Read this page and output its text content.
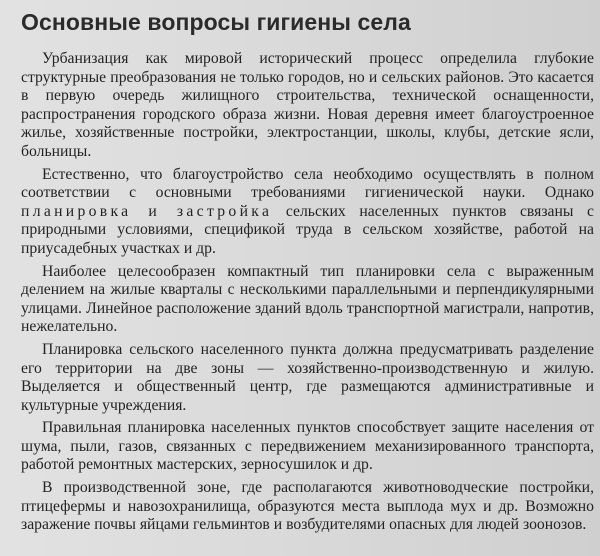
Основные вопросы гигиены села

Урбанизация как мировой исторический процесс определила глубокие структурные преобразования не только городов, но и сельских районов. Это касается в первую очередь жилищного строительства, технической оснащенности, распространения городского образа жизни. Новая деревня имеет благоустроенное жилье, хозяйственные постройки, электростанции, школы, клубы, детские ясли, больницы.

Естественно, что благоустройство села необходимо осуществлять в полном соответствии с основными требованиями гигиенической науки. Однако планировка и застройка сельских населенных пунктов связаны с природными условиями, спецификой труда в сельском хозяйстве, работой на приусадебных участках и др.

Наиболее целесообразен компактный тип планировки села с выраженным делением на жилые кварталы с несколькими параллельными и перпендикулярными улицами. Линейное расположение зданий вдоль транспортной магистрали, напротив, нежелательно.

Планировка сельского населенного пункта должна предусматривать разделение его территории на две зоны — хозяйственно-производственную и жилую. Выделяется и общественный центр, где размещаются административные и культурные учреждения.

Правильная планировка населенных пунктов способствует защите населения от шума, пыли, газов, связанных с передвижением механизированного транспорта, работой ремонтных мастерских, зерносушилок и др.

В производственной зоне, где располагаются животноводческие постройки, птицефермы и навозохранилища, образуются места выплода мух и др. Возможно заражение почвы яйцами гельминтов и возбудителями опасных для людей зоонозов.
